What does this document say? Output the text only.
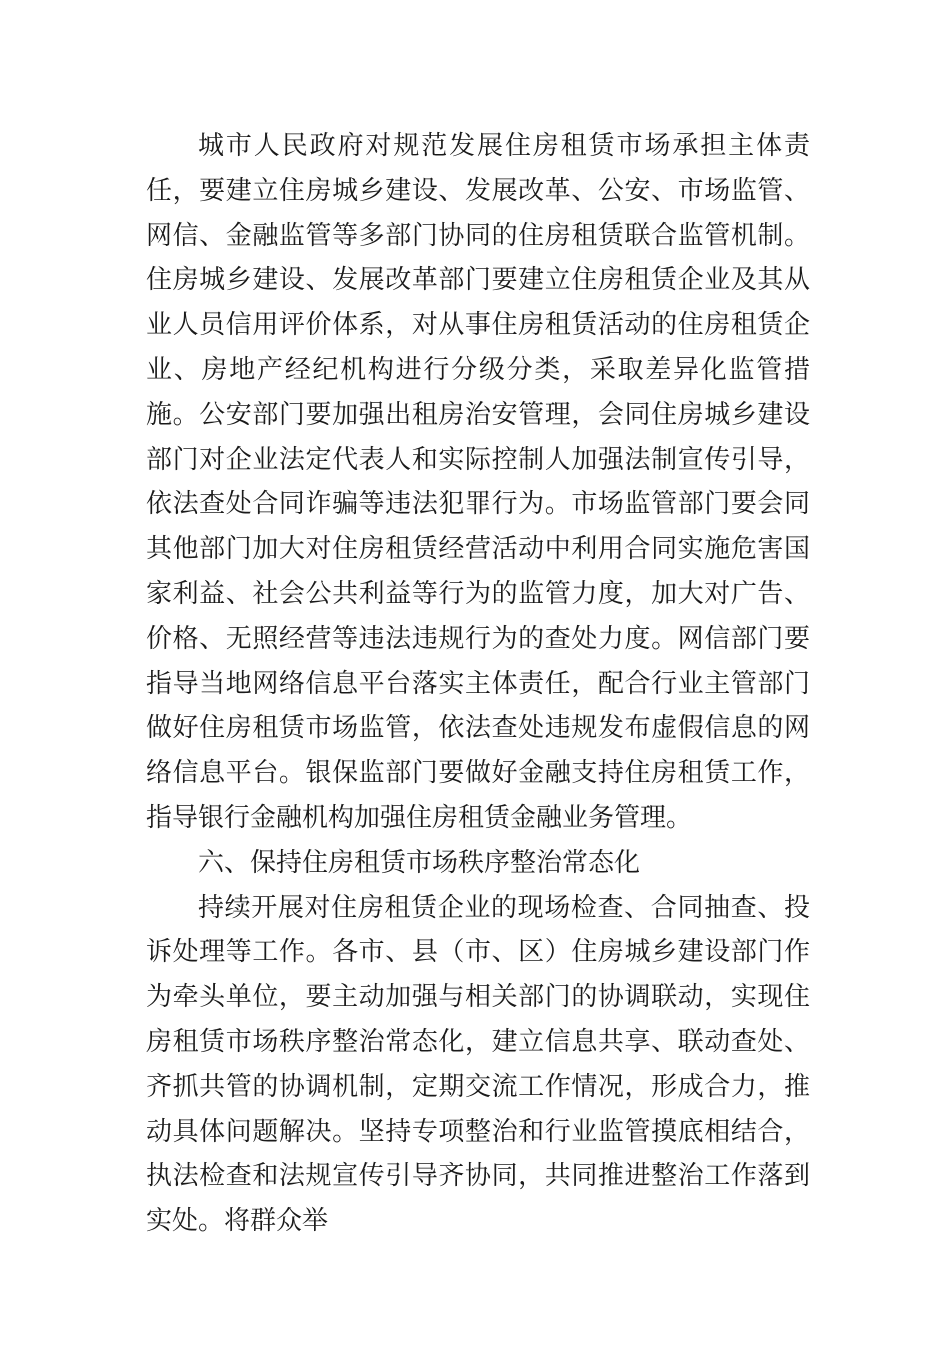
城市人民政府对规范发展住房租赁市场承担主体责任，要建立住房城乡建设、发展改革、公安、市场监管、网信、金融监管等多部门协同的住房租赁联合监管机制。住房城乡建设、发展改革部门要建立住房租赁企业及其从业人员信用评价体系，对从事住房租赁活动的住房租赁企业、房地产经纪机构进行分级分类，采取差异化监管措施。公安部门要加强出租房治安管理，会同住房城乡建设部门对企业法定代表人和实际控制人加强法制宣传引导，依法查处合同诈骗等违法犯罪行为。市场监管部门要会同其他部门加大对住房租赁经营活动中利用合同实施危害国家利益、社会公共利益等行为的监管力度，加大对广告、价格、无照经营等违法违规行为的查处力度。网信部门要指导当地网络信息平台落实主体责任，配合行业主管部门做好住房租赁市场监管，依法查处违规发布虚假信息的网络信息平台。银保监部门要做好金融支持住房租赁工作，指导银行金融机构加强住房租赁金融业务管理。

六、保持住房租赁市场秩序整治常态化

持续开展对住房租赁企业的现场检查、合同抽查、投诉处理等工作。各市、县（市、区）住房城乡建设部门作为牵头单位，要主动加强与相关部门的协调联动，实现住房租赁市场秩序整治常态化，建立信息共享、联动查处、齐抓共管的协调机制，定期交流工作情况，形成合力，推动具体问题解决。坚持专项整治和行业监管摸底相结合，执法检查和法规宣传引导齐协同，共同推进整治工作落到实处。将群众举
